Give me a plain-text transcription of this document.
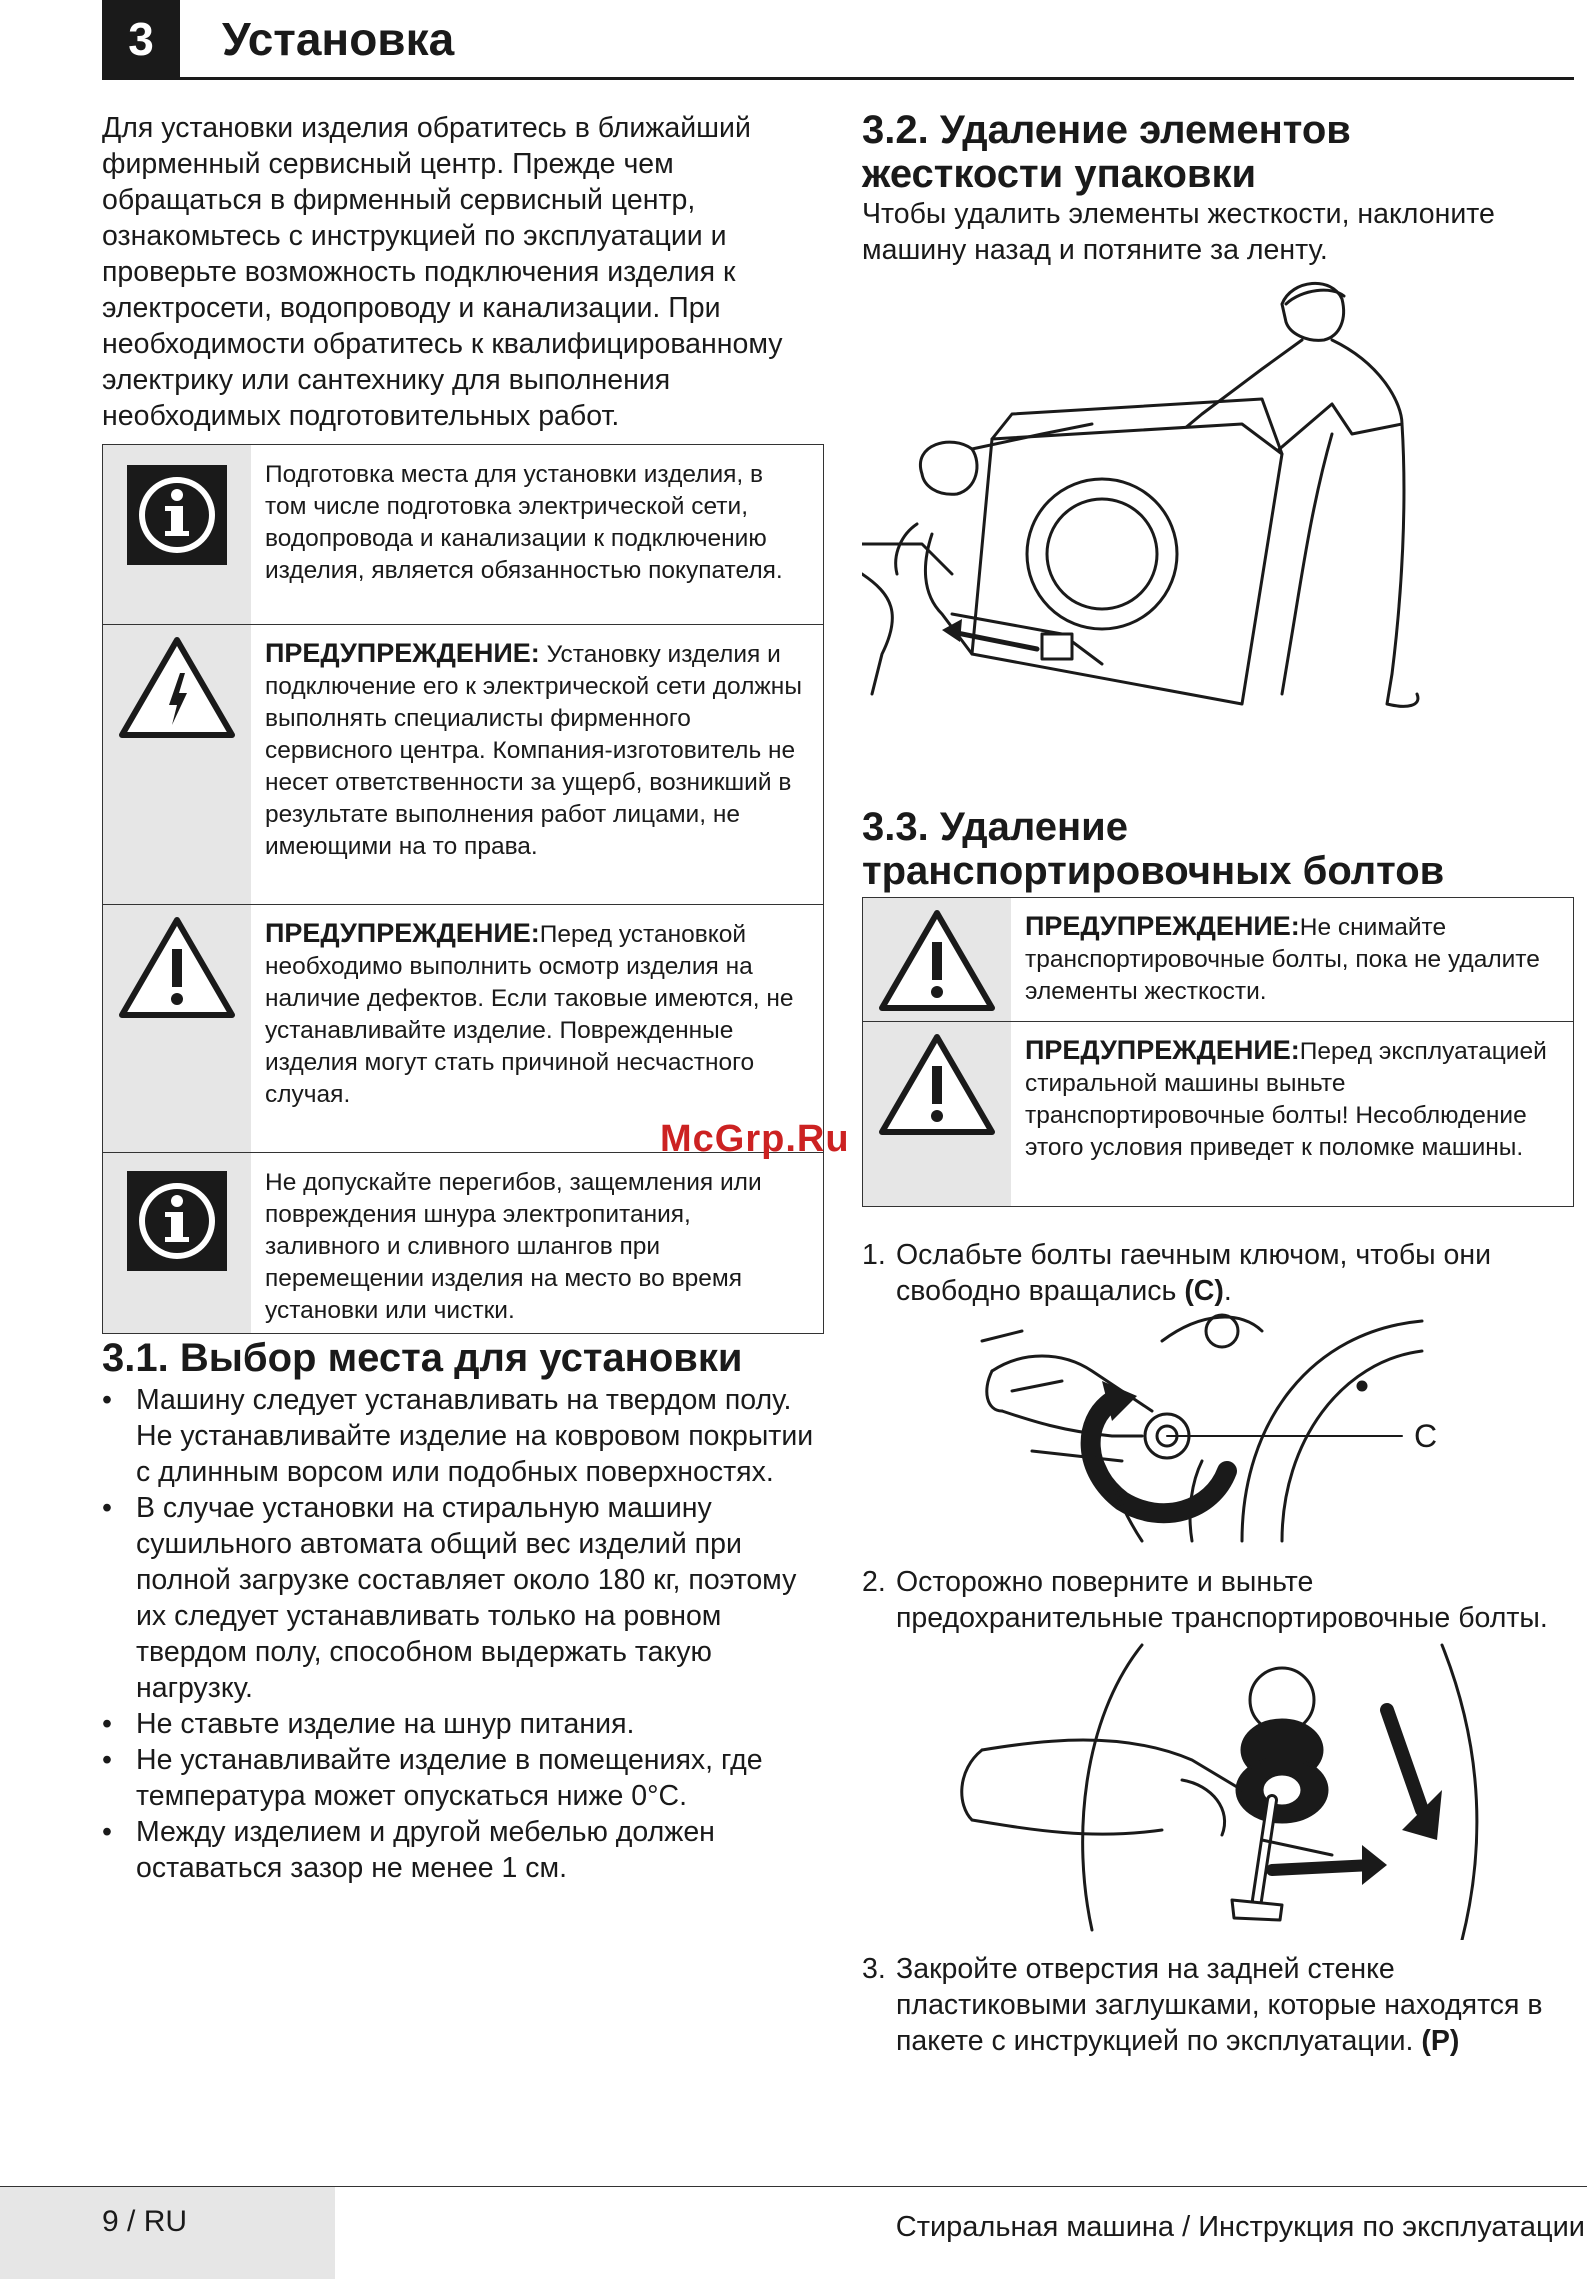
3	Установка

Для установки изделия обратитесь в ближайший фирменный сервисный центр. Прежде чем обращаться в фирменный сервисный центр, ознакомьтесь с инструкцией по эксплуатации и проверьте возможность подключения изделия к электросети, водопроводу и канализации. При необходимости обратитесь к квалифицированному электрику или сантехнику для выполнения необходимых подготовительных работ.

Подготовка места для установки изделия, в том числе подготовка электрической сети, водопровода и канализации к подключению изделия, является обязанностью покупателя.
ПРЕДУПРЕЖДЕНИЕ: Установку изделия и подключение его к электрической сети должны выполнять специалисты фирменного сервисного центра. Компания-изготовитель не несет ответственности за ущерб, возникший в результате выполнения работ лицами, не имеющими на то права.
ПРЕДУПРЕЖДЕНИЕ:Перед установкой необходимо выполнить осмотр изделия на наличие дефектов. Если таковые имеются, не устанавливайте изделие. Поврежденные изделия могут стать причиной несчастного случая.
Не допускайте перегибов, защемления или повреждения шнура электропитания, заливного и сливного шлангов при перемещении изделия на место во время установки или чистки.
3.1. Выбор места для установки
• Машину следует устанавливать на твердом полу. Не устанавливайте изделие на ковровом покрытии с длинным ворсом или подобных поверхностях.
• В случае установки на стиральную машину сушильного автомата общий вес изделий при полной загрузке составляет около 180 кг, поэтому их следует устанавливать только на ровном твердом полу, способном выдержать такую нагрузку.
• Не ставьте изделие на шнур питания.
• Не устанавливайте изделие в помещениях, где температура может опускаться ниже 0°C.
• Между изделием и другой мебелью должен оставаться зазор не менее 1 см.
3.2. Удаление элементов
жесткости упаковки

Чтобы удалить элементы жесткости, наклоните машину назад и потяните за ленту.

3.3. Удаление
транспортировочных болтов
ПРЕДУПРЕЖДЕНИЕ:Не снимайте транспортировочные болты, пока не удалите элементы жесткости.
ПРЕДУПРЕЖДЕНИЕ:Перед эксплуатацией стиральной машины выньте транспортировочные болты! Несоблюдение этого условия приведет к поломке машины.
1. Ослабьте болты гаечным ключом, чтобы они свободно вращались (C).
C
2. Осторожно поверните и выньте предохранительные транспортировочные болты.
3. Закройте отверстия на задней стенке пластиковыми заглушками, которые находятся в пакете с инструкцией по эксплуатации. (P)
McGrp.Ru
9 / RU	Стиральная машина / Инструкция по эксплуатации
